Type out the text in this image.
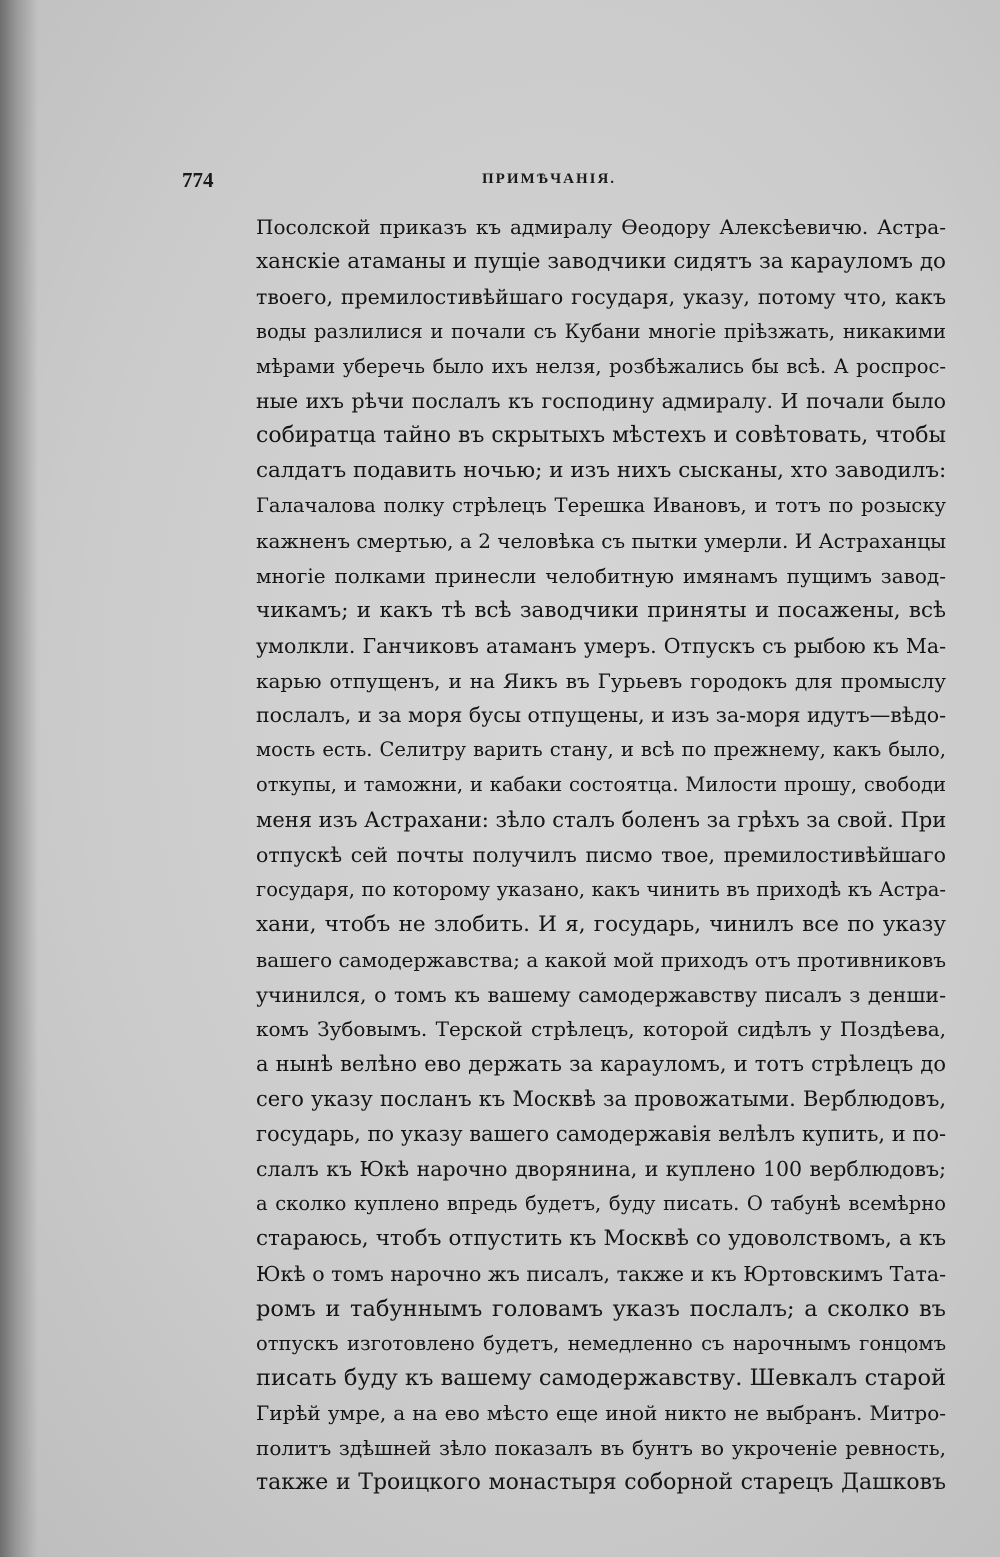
774	ПРИМѢЧАНІЯ.
Посолской приказъ къ адмиралу Ѳеодору Алексѣевичю. Астра-
ханскіе атаманы и пущіе заводчики сидятъ за карауломъ до
твоего, премилостивѣйшаго государя, указу, потому что, какъ
воды разлилися и почали съ Кубани многіе пріѣзжать, никакими
мѣрами уберечь было ихъ нелзя, розбѣжались бы всѣ. А роспрос-
ные ихъ рѣчи послалъ къ господину адмиралу. И почали было
собиратца тайно въ скрытыхъ мѣстехъ и совѣтовать, чтобы
салдатъ подавить ночью; и изъ нихъ сысканы, хто заводилъ:
Галачалова полку стрѣлецъ Терешка Ивановъ, и тотъ по розыску
кажненъ смертью, а 2 человѣка съ пытки умерли. И Астраханцы
многіе полками принесли челобитную имянамъ пущимъ завод-
чикамъ; и какъ тѣ всѣ заводчики приняты и посажены, всѣ
умолкли. Ганчиковъ атаманъ умеръ. Отпускъ съ рыбою къ Ма-
карью отпущенъ, и на Яикъ въ Гурьевъ городокъ для промыслу
послалъ, и за моря бусы отпущены, и изъ за-моря идутъ—вѣдо-
мость есть. Селитру варить стану, и всѣ по прежнему, какъ было,
откупы, и таможни, и кабаки состоятца. Милости прошу, свободи
меня изъ Астрахани: зѣло сталъ боленъ за грѣхъ за свой. При
отпускѣ сей почты получилъ писмо твое, премилостивѣйшаго
государя, по которому указано, какъ чинить въ приходѣ къ Астра-
хани, чтобъ не злобить. И я, государь, чинилъ все по указу
вашего самодержавства; а какой мой приходъ отъ противниковъ
учинился, о томъ къ вашему самодержавству писалъ з денши-
комъ Зубовымъ. Терской стрѣлецъ, которой сидѣлъ у Поздѣева,
а нынѣ велѣно ево держать за карауломъ, и тотъ стрѣлецъ до
сего указу посланъ къ Москвѣ за провожатыми. Верблюдовъ,
государь, по указу вашего самодержавія велѣлъ купить, и по-
слалъ къ Юкѣ нарочно дворянина, и куплено 100 верблюдовъ;
а сколко куплено впредь будетъ, буду писать. О табунѣ всемѣрно
стараюсь, чтобъ отпустить къ Москвѣ со удоволствомъ, а къ
Юкѣ о томъ нарочно жъ писалъ, также и къ Юртовскимъ Тата-
ромъ и табуннымъ головамъ указъ послалъ; а сколко въ
отпускъ изготовлено будетъ, немедленно съ нарочнымъ гонцомъ
писать буду къ вашему самодержавству. Шевкалъ старой
Гирѣй умре, а на ево мѣсто еще иной никто не выбранъ. Митро-
политъ здѣшней зѣло показалъ въ бунтъ во укроченіе ревность,
также и Троицкого монастыря соборной старецъ Дашковъ
